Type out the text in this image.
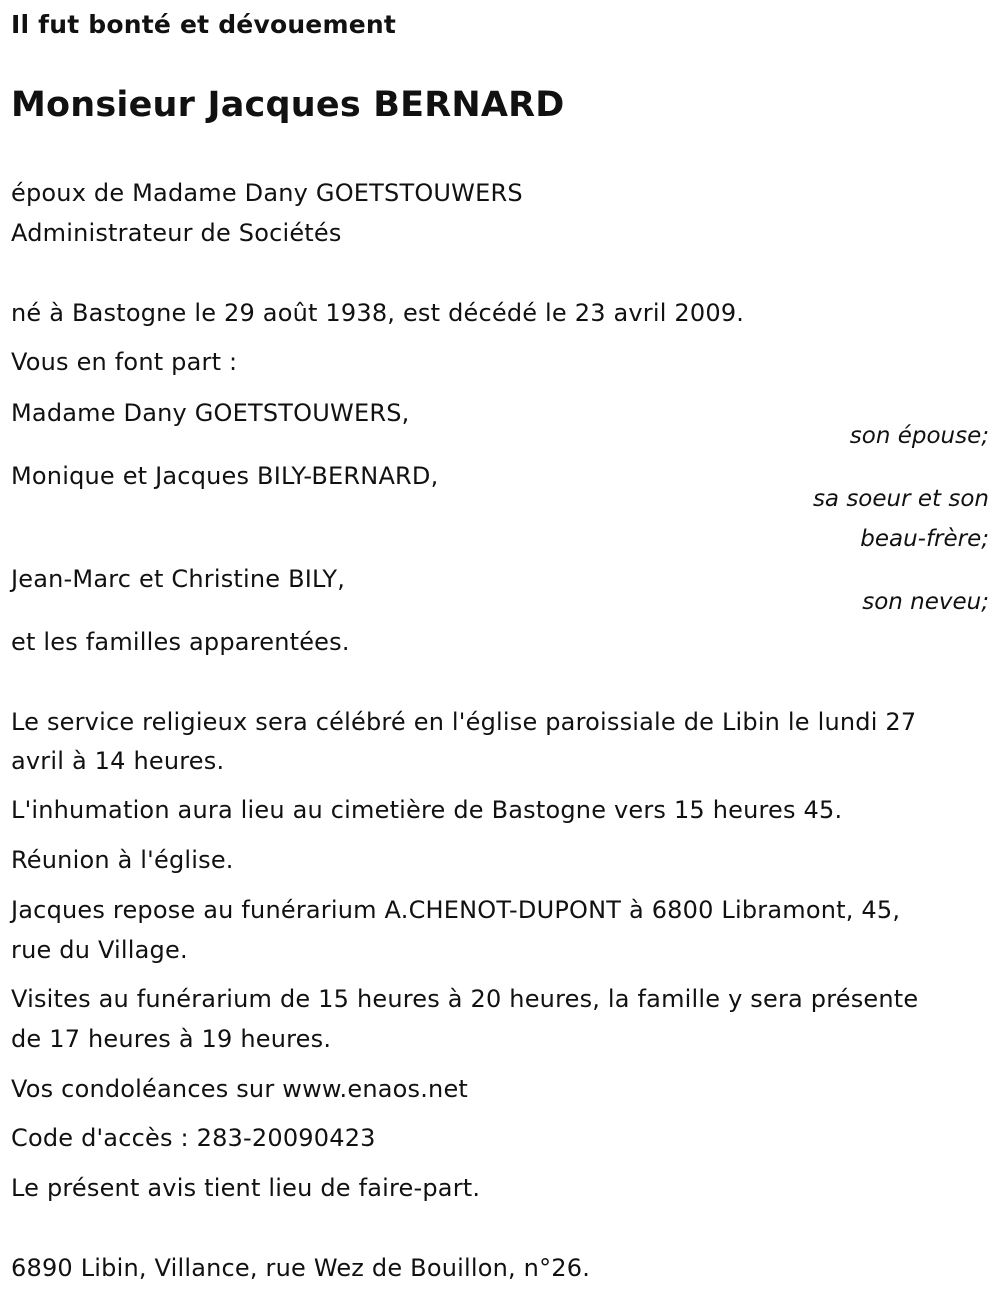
Il fut bonté et dévouement
Monsieur Jacques BERNARD
époux de Madame Dany GOETSTOUWERS
Administrateur de Sociétés
né à Bastogne le 29 août 1938, est décédé le 23 avril 2009.
Vous en font part :
Madame Dany GOETSTOUWERS,
son épouse;
Monique et Jacques BILY-BERNARD,
sa soeur et son
beau-frère;
Jean-Marc et Christine BILY,
son neveu;
et les familles apparentées.
Le service religieux sera célébré en l'église paroissiale de Libin le lundi 27
avril à 14 heures.
L'inhumation aura lieu au cimetière de Bastogne vers 15 heures 45.
Réunion à l'église.
Jacques repose au funérarium A.CHENOT-DUPONT à 6800 Libramont, 45,
rue du Village.
Visites au funérarium de 15 heures à 20 heures, la famille y sera présente
de 17 heures à 19 heures.
Vos condoléances sur www.enaos.net
Code d'accès : 283-20090423
Le présent avis tient lieu de faire-part.
6890 Libin, Villance, rue Wez de Bouillon, n°26.
